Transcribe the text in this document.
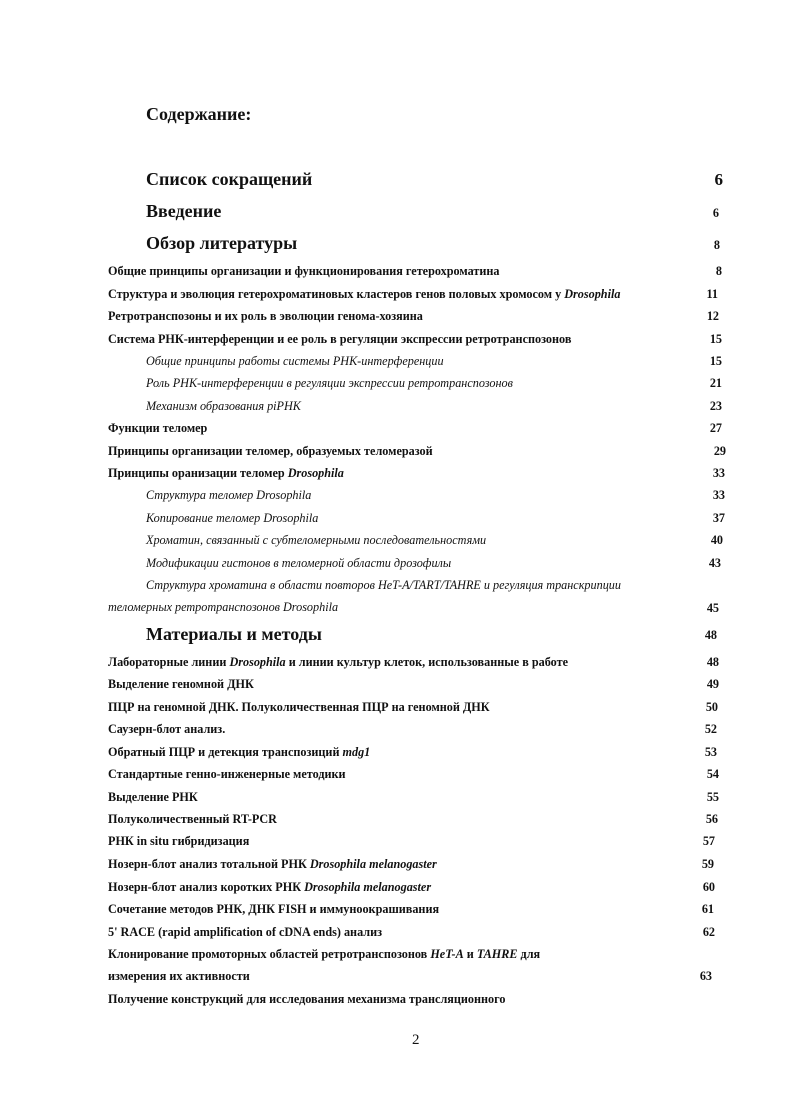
Содержание:
Список сокращений	6
Введение	6
Обзор литературы	8
Общие принципы организации и функционирования гетерохроматина	8
Структура и эволюция гетерохроматиновых кластеров генов половых хромосом у Drosophila	11
Ретротранспозоны и их роль в эволюции генома-хозяина	12
Система РНК-интерференции и ее роль в регуляции экспрессии ретротранспозонов	15
Общие принципы работы системы РНК-интерференции	15
Роль РНК-интерференции в регуляции экспрессии ретротранспозонов	21
Механизм образования piРНК	23
Функции теломер	27
Принципы организации теломер, образуемых теломеразой	29
Принципы оранизации теломер Drosophila	33
Структура теломер Drosophila	33
Копирование теломер Drosophila	37
Хроматин, связанный с субтеломерными последовательностями	40
Модификации гистонов в теломерной области дрозофилы	43
Структура хроматина в области повторов HeT-A/TART/TAHRE и регуляция транскрипции
теломерных ретротранспозонов Drosophila	45
Материалы и методы	48
Лабораторные линии Drosophila и линии культур клеток, использованные в работе	48
Выделение геномной ДНК	49
ПЦР на геномной ДНК. Полуколичественная ПЦР на геномной ДНК	50
Саузерн-блот анализ.	52
Обратный ПЦР и детекция транспозиций mdg1	53
Стандартные генно-инженерные методики	54
Выделение РНК	55
Полуколичественный RT-PCR	56
РНК in situ гибридизация	57
Нозерн-блот анализ тотальной РНК Drosophila melanogaster	59
Нозерн-блот анализ коротких РНК Drosophila melanogaster	60
Сочетание методов РНК, ДНК FISH и иммуноокрашивания	61
5' RACE (rapid amplification of cDNA ends) анализ	62
Клонирование промоторных областей ретротранспозонов HeT-A и TAHRE для
измерения их активности	63
Получение конструкций для исследования механизма трансляционного
2
